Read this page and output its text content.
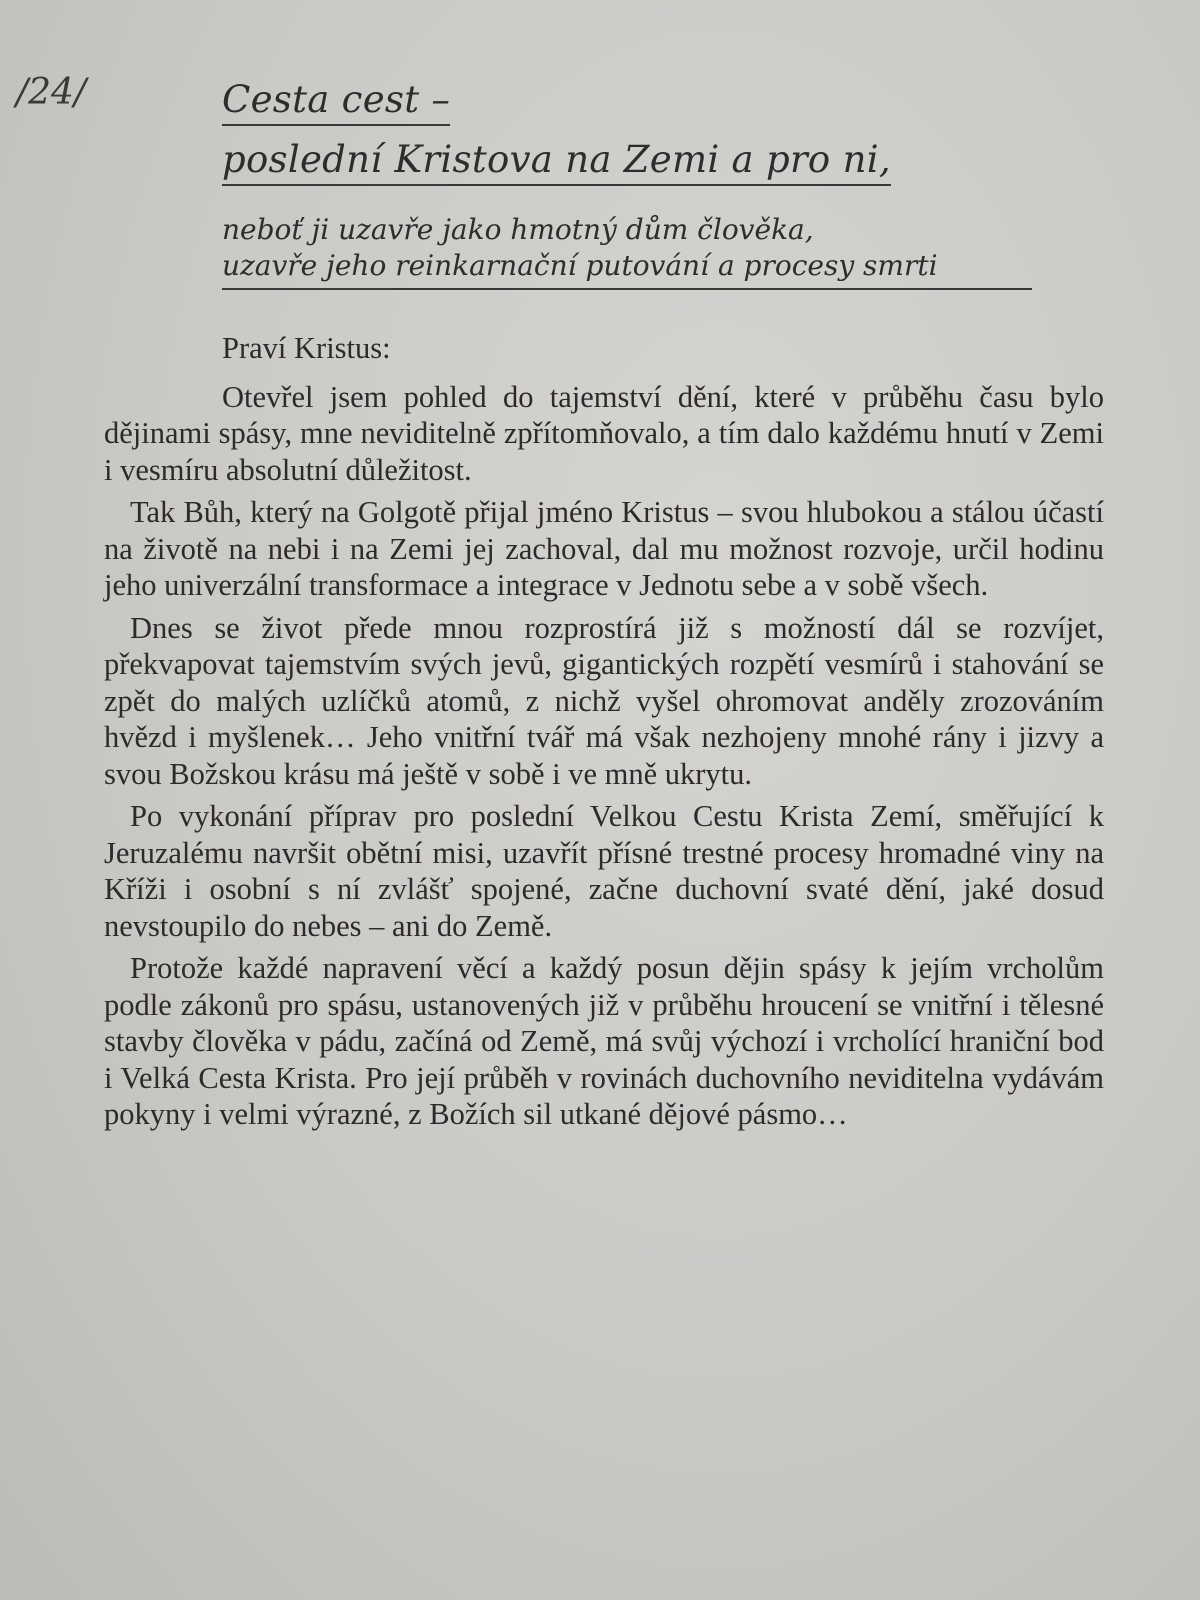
/24/	Cesta cest –
poslední Kristova na Zemi a pro ni,
neboť ji uzavře jako hmotný dům člověka,
uzavře jeho reinkarnační putování a procesy smrti
Praví Kristus:

Otevřel jsem pohled do tajemství dění, které v průběhu času bylo dějinami spásy, mne neviditelně zpřítomňovalo, a tím dalo každému hnutí v Zemi i vesmíru absolutní důležitost.

Tak Bůh, který na Golgotě přijal jméno Kristus – svou hlubokou a stálou účastí na životě na nebi i na Zemi jej zachoval, dal mu možnost rozvoje, určil hodinu jeho univerzální transformace a integrace v Jednotu sebe a v sobě všech.

Dnes se život přede mnou rozprostírá již s možností dál se rozvíjet, překvapovat tajemstvím svých jevů, gigantických rozpětí vesmírů i stahování se zpět do malých uzlíčků atomů, z nichž vyšel ohromovat anděly zrozováním hvězd i myšlenek… Jeho vnitřní tvář má však nezhojeny mnohé rány i jizvy a svou Božskou krásu má ještě v sobě i ve mně ukrytu.

Po vykonání příprav pro poslední Velkou Cestu Krista Zemí, směřující k Jeruzalému navršit obětní misi, uzavřít přísné trestné procesy hromadné viny na Kříži i osobní s ní zvlášť spojené, začne duchovní svaté dění, jaké dosud nevstoupilo do nebes – ani do Země.

Protože každé napravení věcí a každý posun dějin spásy k jejím vrcholům podle zákonů pro spásu, ustanovených již v průběhu hroucení se vnitřní i tělesné stavby člověka v pádu, začíná od Země, má svůj výchozí i vrcholící hraniční bod i Velká Cesta Krista. Pro její průběh v rovinách duchovního neviditelna vydávám pokyny i velmi výrazné, z Božích sil utkané dějové pásmo…
